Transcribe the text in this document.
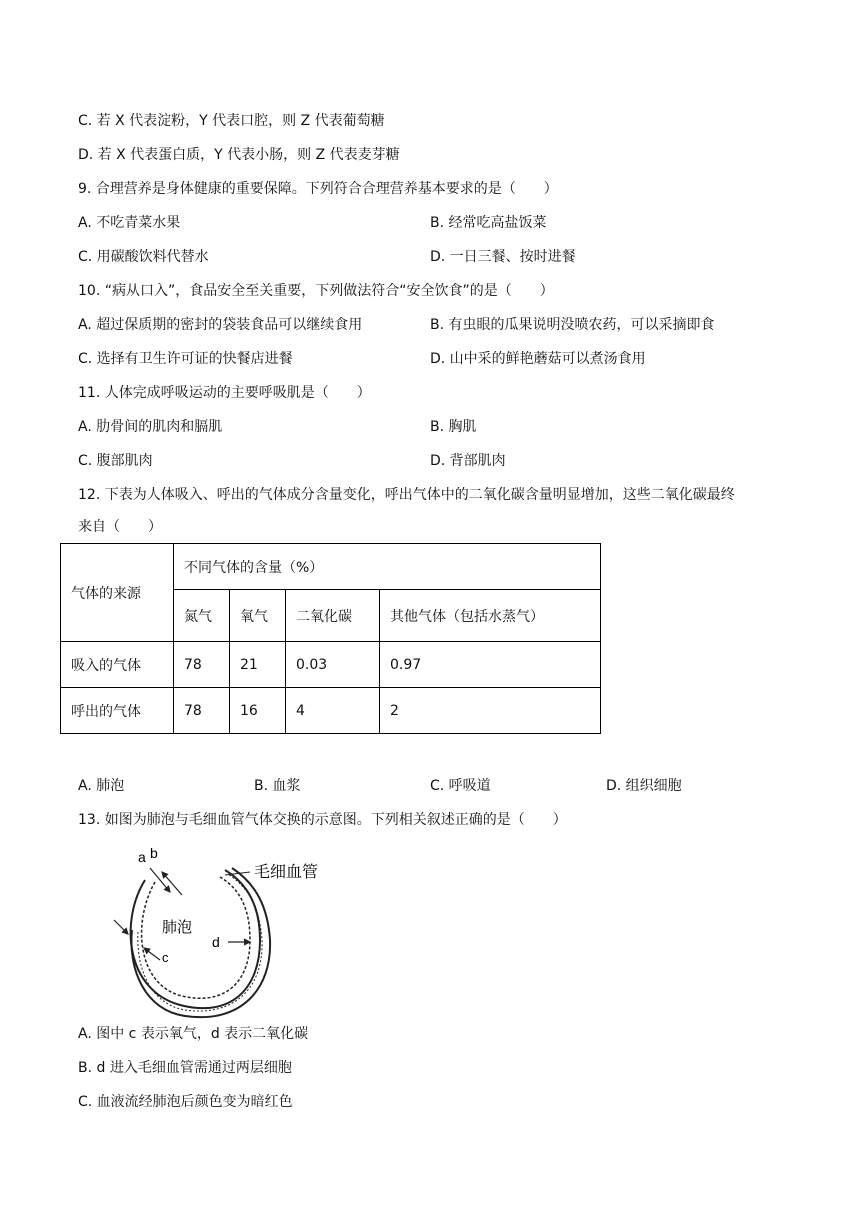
C. 若 X 代表淀粉，Y 代表口腔，则 Z 代表葡萄糖
D. 若 X 代表蛋白质，Y 代表小肠，则 Z 代表麦芽糖
9. 合理营养是身体健康的重要保障。下列符合合理营养基本要求的是（　　）
A. 不吃青菜水果	B. 经常吃高盐饭菜
C. 用碳酸饮料代替水	D. 一日三餐、按时进餐
10. “病从口入”，食品安全至关重要，下列做法符合“安全饮食”的是（　　）
A. 超过保质期的密封的袋装食品可以继续食用	B. 有虫眼的瓜果说明没喷农药，可以采摘即食
C. 选择有卫生许可证的快餐店进餐	D. 山中采的鲜艳蘑菇可以煮汤食用
11. 人体完成呼吸运动的主要呼吸肌是（　　）
A. 肋骨间的肌肉和膈肌	B. 胸肌
C. 腹部肌肉	D. 背部肌肉
12. 下表为人体吸入、呼出的气体成分含量变化，呼出气体中的二氧化碳含量明显增加，这些二氧化碳最终
来自（　　）
气体的来源	不同气体的含量（%）			
	氮气	氧气	二氧化碳	其他气体（包括水蒸气）
吸入的气体	78	21	0.03	0.97
呼出的气体	78	16	4	2
A. 肺泡	B. 血浆	C. 呼吸道	D. 组织细胞
13. 如图为肺泡与毛细血管气体交换的示意图。下列相关叙述正确的是（　　）
a b
c
d
肺泡
毛细血管
A. 图中 c 表示氧气，d 表示二氧化碳
B. d 进入毛细血管需通过两层细胞
C. 血液流经肺泡后颜色变为暗红色
